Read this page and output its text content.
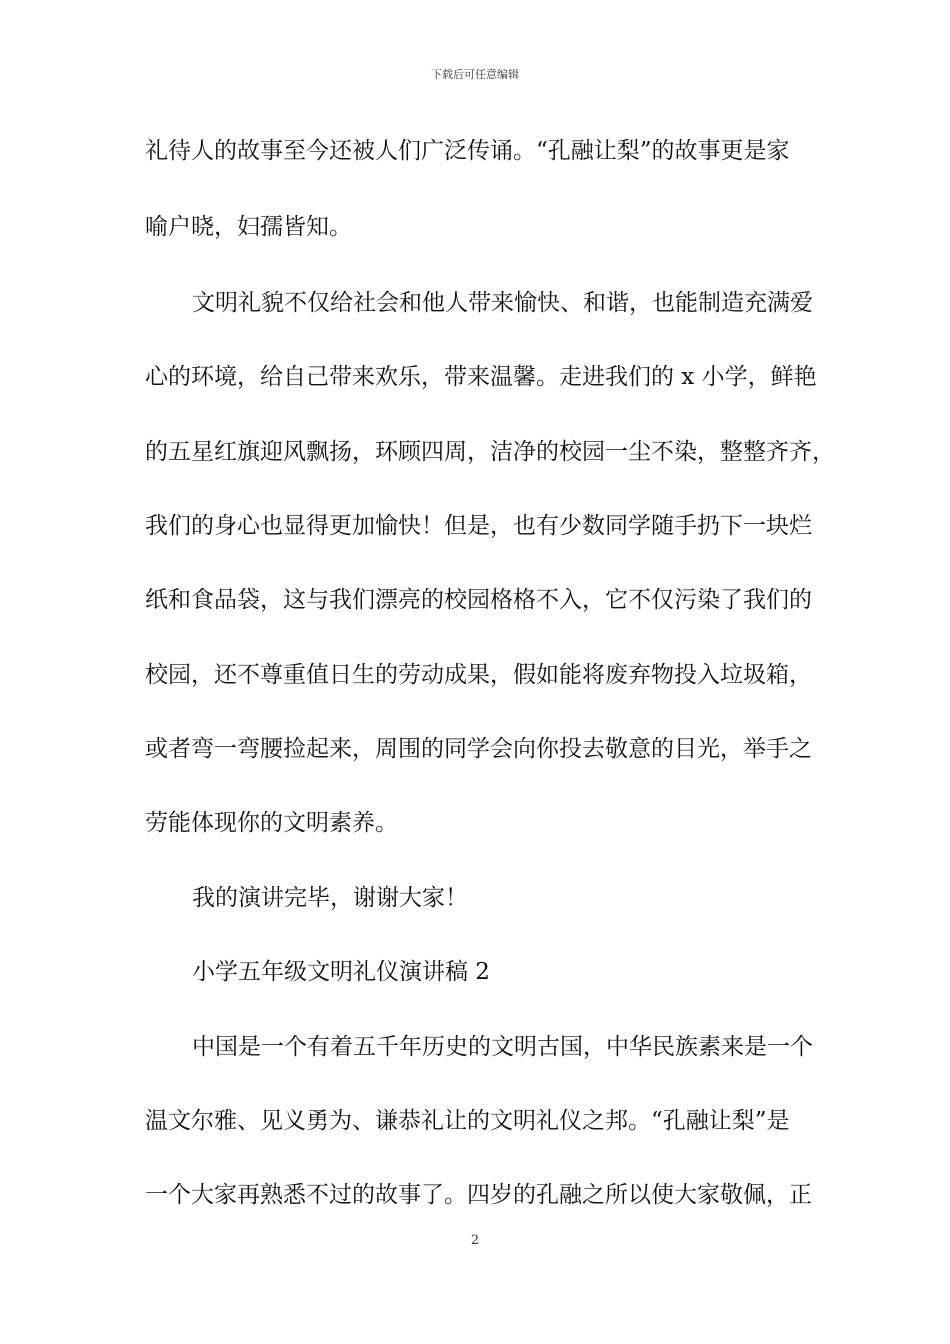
下载后可任意编辑
礼待人的故事至今还被人们广泛传诵。“孔融让梨”的故事更是家
喻户晓，妇孺皆知。
文明礼貌不仅给社会和他人带来愉快、和谐，也能制造充满爱
心的环境，给自己带来欢乐，带来温馨。走进我们的 x 小学，鲜艳
的五星红旗迎风飘扬，环顾四周，洁净的校园一尘不染，整整齐齐，
我们的身心也显得更加愉快！但是，也有少数同学随手扔下一块烂
纸和食品袋，这与我们漂亮的校园格格不入，它不仅污染了我们的
校园，还不尊重值日生的劳动成果，假如能将废弃物投入垃圾箱，
或者弯一弯腰捡起来，周围的同学会向你投去敬意的目光，举手之
劳能体现你的文明素养。
我的演讲完毕，谢谢大家！
小学五年级文明礼仪演讲稿 2
中国是一个有着五千年历史的文明古国，中华民族素来是一个
温文尔雅、见义勇为、谦恭礼让的文明礼仪之邦。“孔融让梨”是
一个大家再熟悉不过的故事了。四岁的孔融之所以使大家敬佩，正
2
